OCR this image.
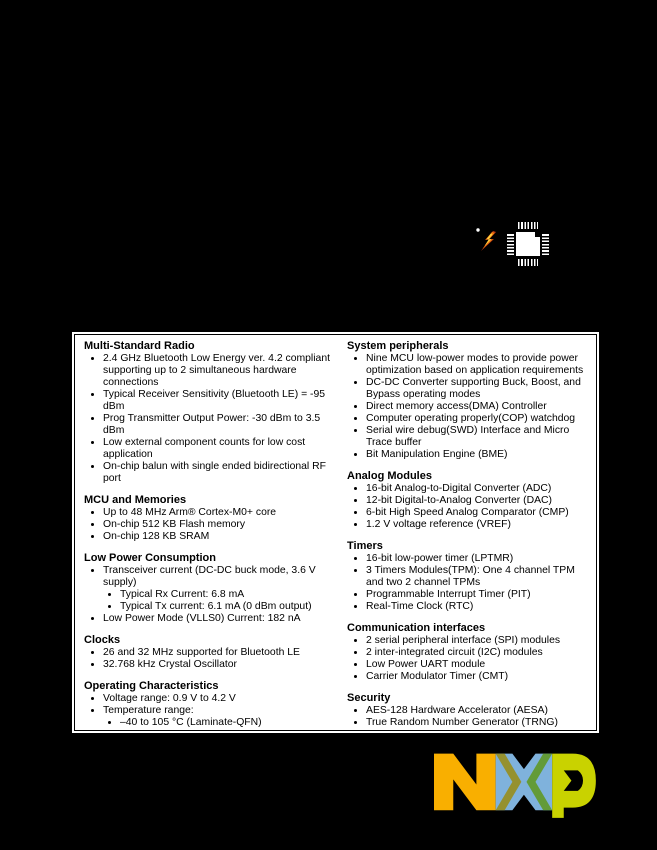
Multi-Standard Radio
• 2.4 GHz Bluetooth Low Energy ver. 4.2 compliant supporting up to 2 simultaneous hardware connections
• Typical Receiver Sensitivity (Bluetooth LE) = -95 dBm
• Prog Transmitter Output Power: -30 dBm to 3.5 dBm
• Low external component counts for low cost application
• On-chip balun with single ended bidirectional RF port
MCU and Memories
• Up to 48 MHz Arm® Cortex-M0+ core
• On-chip 512 KB Flash memory
• On-chip 128 KB SRAM
Low Power Consumption
• Transceiver current (DC-DC buck mode, 3.6 V supply)
• Typical Rx Current: 6.8 mA
• Typical Tx current: 6.1 mA (0 dBm output)
• Low Power Mode (VLLS0) Current: 182 nA
Clocks
• 26 and 32 MHz supported for Bluetooth LE
• 32.768 kHz Crystal Oscillator
Operating Characteristics
• Voltage range: 0.9 V to 4.2 V
• Temperature range:
• –40 to 105 °C (Laminate-QFN)
Human-machine interface
• Touch sensing input
• General-purpose input/output
System peripherals
• Nine MCU low-power modes to provide power optimization based on application requirements
• DC-DC Converter supporting Buck, Boost, and Bypass operating modes
• Direct memory access(DMA) Controller
• Computer operating properly(COP) watchdog
• Serial wire debug(SWD) Interface and Micro Trace buffer
• Bit Manipulation Engine (BME)
Analog Modules
• 16-bit Analog-to-Digital Converter (ADC)
• 12-bit Digital-to-Analog Converter (DAC)
• 6-bit High Speed Analog Comparator (CMP)
• 1.2 V voltage reference (VREF)
Timers
• 16-bit low-power timer (LPTMR)
• 3 Timers Modules(TPM): One 4 channel TPM and two 2 channel TPMs
• Programmable Interrupt Timer (PIT)
• Real-Time Clock (RTC)
Communication interfaces
• 2 serial peripheral interface (SPI) modules
• 2 inter-integrated circuit (I2C) modules
• Low Power UART module
• Carrier Modulator Timer (CMT)
Security
• AES-128 Hardware Accelerator (AESA)
• True Random Number Generator (TRNG)
